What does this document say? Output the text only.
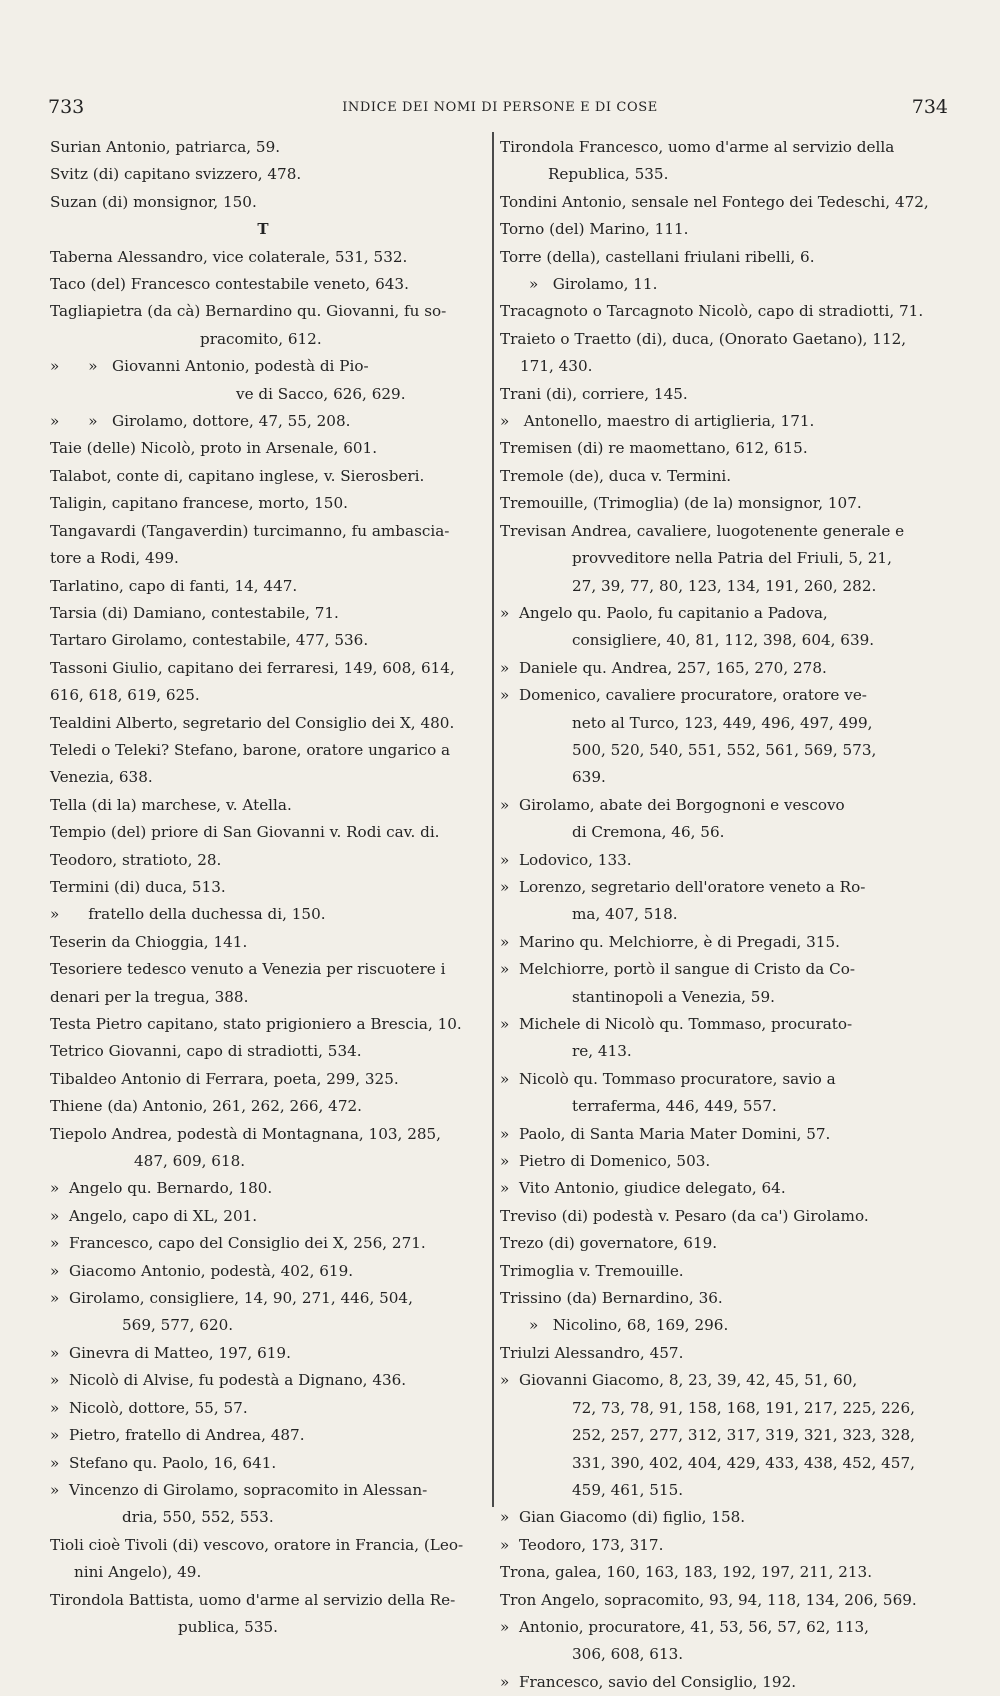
733	INDICE DEI NOMI DI PERSONE E DI COSE	734
Surian Antonio, patriarca, 59.
Svitz (di) capitano svizzero, 478.
Suzan (di) monsignor, 150.
T
Taberna Alessandro, vice colaterale, 531, 532.
Taco (del) Francesco contestabile veneto, 643.
Tagliapietra (da cà) Bernardino qu. Giovanni, fu so-
pracomito, 612.
»      »   Giovanni Antonio, podestà di Pio-
ve di Sacco, 626, 629.
»      »   Girolamo, dottore, 47, 55, 208.
Taie (delle) Nicolò, proto in Arsenale, 601.
Talabot, conte di, capitano inglese, v. Sierosberi.
Taligin, capitano francese, morto, 150.
Tangavardi (Tangaverdin) turcimanno, fu ambascia-
tore a Rodi, 499.
Tarlatino, capo di fanti, 14, 447.
Tarsia (di) Damiano, contestabile, 71.
Tartaro Girolamo, contestabile, 477, 536.
Tassoni Giulio, capitano dei ferraresi, 149, 608, 614,
616, 618, 619, 625.
Tealdini Alberto, segretario del Consiglio dei X, 480.
Teledi o Teleki? Stefano, barone, oratore ungarico a
Venezia, 638.
Tella (di la) marchese, v. Atella.
Tempio (del) priore di San Giovanni v. Rodi cav. di.
Teodoro, stratioto, 28.
Termini (di) duca, 513.
»      fratello della duchessa di, 150.
Teserin da Chioggia, 141.
Tesoriere tedesco venuto a Venezia per riscuotere i
denari per la tregua, 388.
Testa Pietro capitano, stato prigioniero a Brescia, 10.
Tetrico Giovanni, capo di stradiotti, 534.
Tibaldeo Antonio di Ferrara, poeta, 299, 325.
Thiene (da) Antonio, 261, 262, 266, 472.
Tiepolo Andrea, podestà di Montagnana, 103, 285,
487, 609, 618.
»  Angelo qu. Bernardo, 180.
»  Angelo, capo di XL, 201.
»  Francesco, capo del Consiglio dei X, 256, 271.
»  Giacomo Antonio, podestà, 402, 619.
»  Girolamo, consigliere, 14, 90, 271, 446, 504,
569, 577, 620.
»  Ginevra di Matteo, 197, 619.
»  Nicolò di Alvise, fu podestà a Dignano, 436.
»  Nicolò, dottore, 55, 57.
»  Pietro, fratello di Andrea, 487.
»  Stefano qu. Paolo, 16, 641.
»  Vincenzo di Girolamo, sopracomito in Alessan-
dria, 550, 552, 553.
Tioli cioè Tivoli (di) vescovo, oratore in Francia, (Leo-
nini Angelo), 49.
Tirondola Battista, uomo d'arme al servizio della Re-
publica, 535.
Tirondola Francesco, uomo d'arme al servizio della
Republica, 535.
Tondini Antonio, sensale nel Fontego dei Tedeschi, 472,
Torno (del) Marino, 111.
Torre (della), castellani friulani ribelli, 6.
»   Girolamo, 11.
Tracagnoto o Tarcagnoto Nicolò, capo di stradiotti, 71.
Traieto o Traetto (di), duca, (Onorato Gaetano), 112,
171, 430.
Trani (di), corriere, 145.
»   Antonello, maestro di artiglieria, 171.
Tremisen (di) re maomettano, 612, 615.
Tremole (de), duca v. Termini.
Tremouille, (Trimoglia) (de la) monsignor, 107.
Trevisan Andrea, cavaliere, luogotenente generale e
provveditore nella Patria del Friuli, 5, 21,
27, 39, 77, 80, 123, 134, 191, 260, 282.
»  Angelo qu. Paolo, fu capitanio a Padova,
consigliere, 40, 81, 112, 398, 604, 639.
»  Daniele qu. Andrea, 257, 165, 270, 278.
»  Domenico, cavaliere procuratore, oratore ve-
neto al Turco, 123, 449, 496, 497, 499,
500, 520, 540, 551, 552, 561, 569, 573,
639.
»  Girolamo, abate dei Borgognoni e vescovo
di Cremona, 46, 56.
»  Lodovico, 133.
»  Lorenzo, segretario dell'oratore veneto a Ro-
ma, 407, 518.
»  Marino qu. Melchiorre, è di Pregadi, 315.
»  Melchiorre, portò il sangue di Cristo da Co-
stantinopoli a Venezia, 59.
»  Michele di Nicolò qu. Tommaso, procurato-
re, 413.
»  Nicolò qu. Tommaso procuratore, savio a
terraferma, 446, 449, 557.
»  Paolo, di Santa Maria Mater Domini, 57.
»  Pietro di Domenico, 503.
»  Vito Antonio, giudice delegato, 64.
Treviso (di) podestà v. Pesaro (da ca') Girolamo.
Trezo (di) governatore, 619.
Trimoglia v. Tremouille.
Trissino (da) Bernardino, 36.
»   Nicolino, 68, 169, 296.
Triulzi Alessandro, 457.
»  Giovanni Giacomo, 8, 23, 39, 42, 45, 51, 60,
72, 73, 78, 91, 158, 168, 191, 217, 225, 226,
252, 257, 277, 312, 317, 319, 321, 323, 328,
331, 390, 402, 404, 429, 433, 438, 452, 457,
459, 461, 515.
»  Gian Giacomo (di) figlio, 158.
»  Teodoro, 173, 317.
Trona, galea, 160, 163, 183, 192, 197, 211, 213.
Tron Angelo, sopracomito, 93, 94, 118, 134, 206, 569.
»  Antonio, procuratore, 41, 53, 56, 57, 62, 113,
306, 608, 613.
»  Francesco, savio del Consiglio, 192.
